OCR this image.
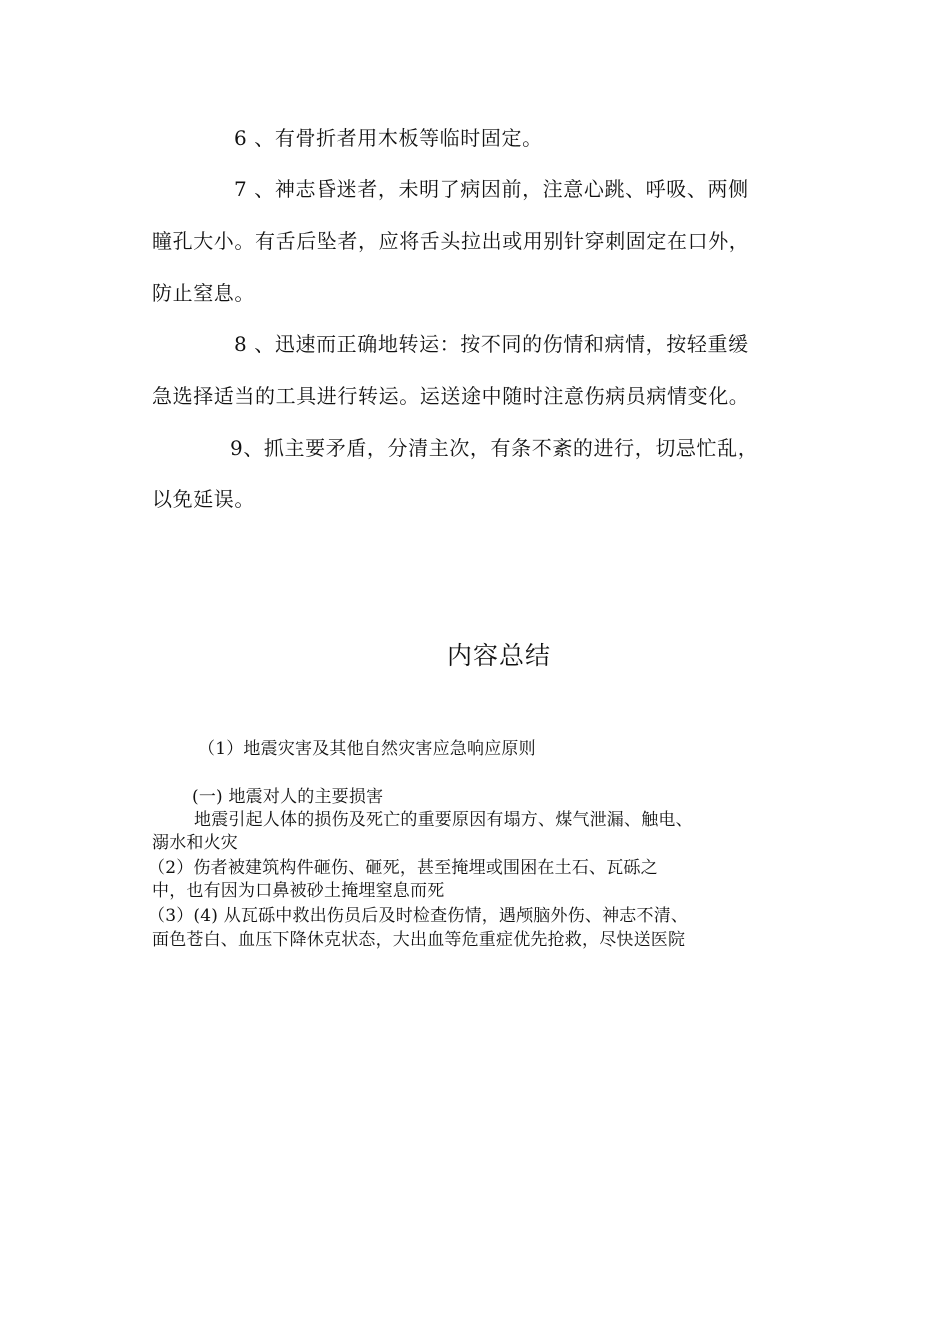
6 、有骨折者用木板等临时固定。

7 、神志昏迷者，未明了病因前，注意心跳、呼吸、两侧

瞳孔大小。有舌后坠者，应将舌头拉出或用别针穿刺固定在口外，

防止窒息。

8 、迅速而正确地转运：按不同的伤情和病情，按轻重缓

急选择适当的工具进行转运。运送途中随时注意伤病员病情变化。

9、抓主要矛盾，分清主次，有条不紊的进行，切忌忙乱，

以免延误。

内容总结

（1）地震灾害及其他自然灾害应急响应原则

(一) 地震对人的主要损害

地震引起人体的损伤及死亡的重要原因有塌方、煤气泄漏、触电、

溺水和火灾

（2）伤者被建筑构件砸伤、砸死，甚至掩埋或围困在土石、瓦砾之

中，也有因为口鼻被砂土掩埋窒息而死

（3）(4) 从瓦砾中救出伤员后及时检查伤情，遇颅脑外伤、神志不清、

面色苍白、血压下降休克状态，大出血等危重症优先抢救，尽快送医院
